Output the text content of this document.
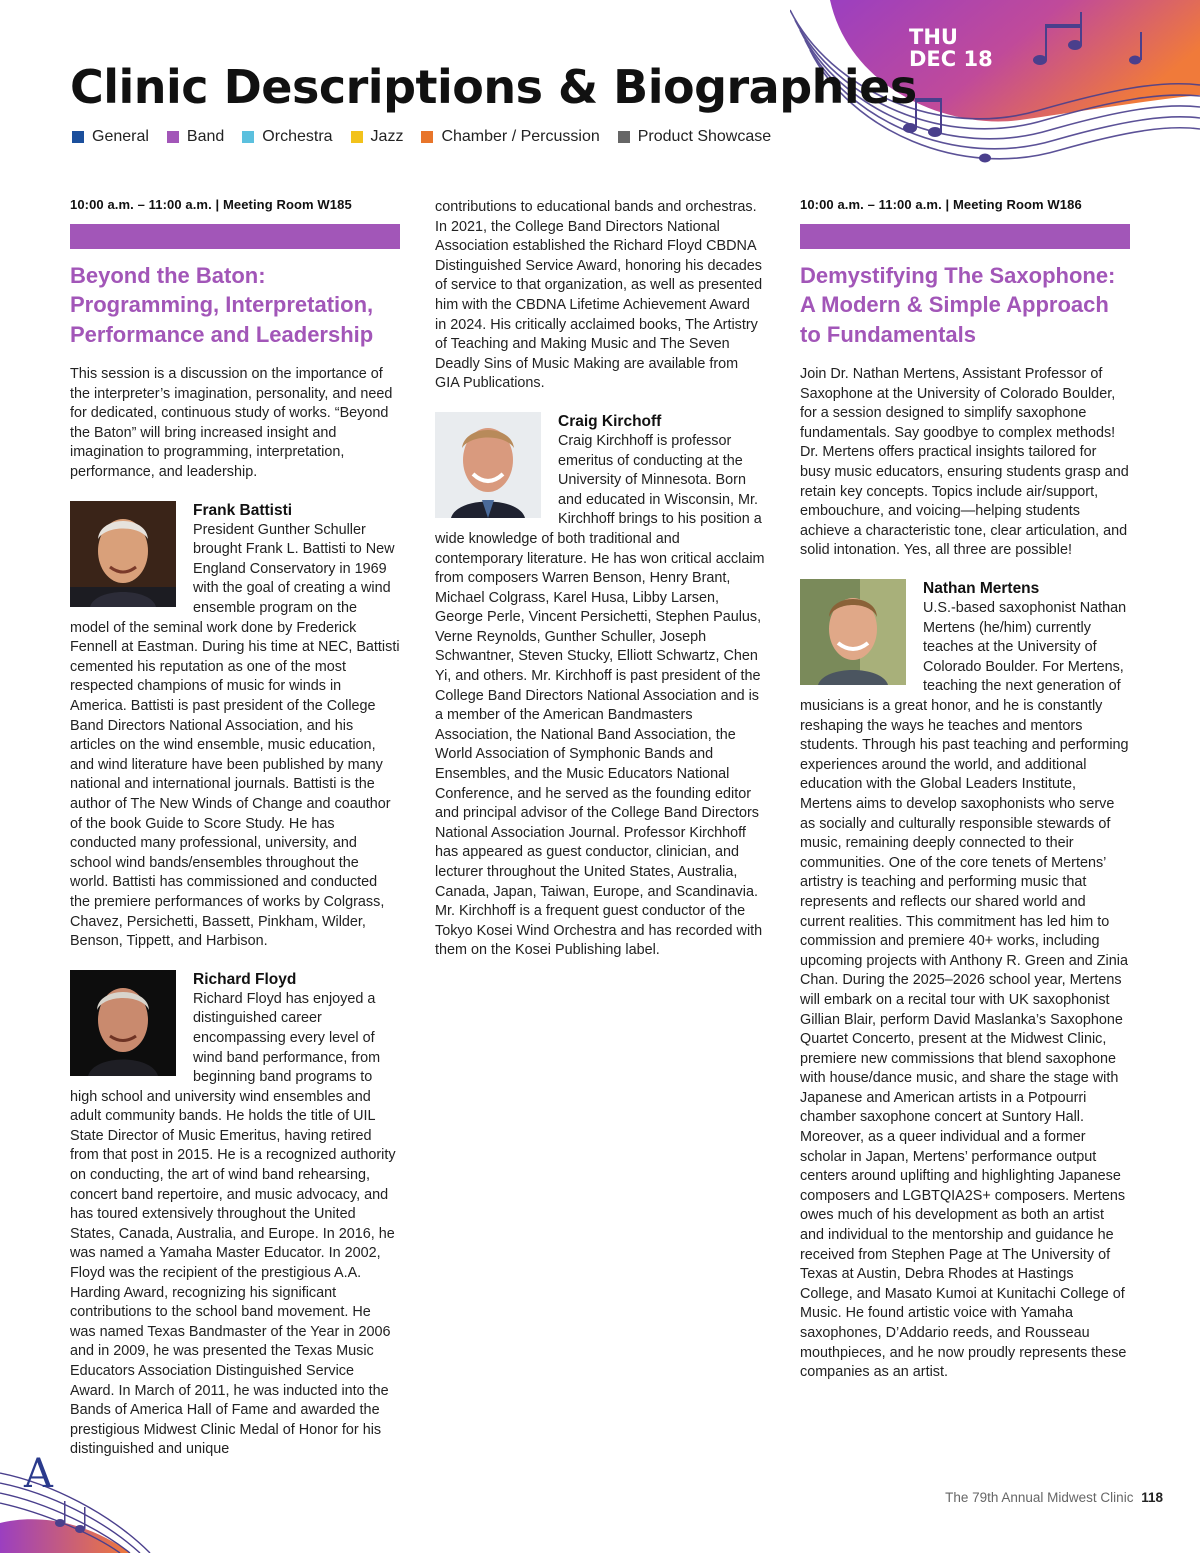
THU
DEC 18
Clinic Descriptions & Biographies
General Band Orchestra Jazz Chamber / Percussion Product Showcase
10:00 a.m. – 11:00 a.m. | Meeting Room W185
Beyond the Baton: Programming, Interpretation, Performance and Leadership

This session is a discussion on the importance of the interpreter’s imagination, personality, and need for dedicated, continuous study of works. “Beyond the Baton” will bring increased insight and imagination to programming, interpretation, performance, and leadership.

Frank Battisti

President Gunther Schuller brought Frank L. Battisti to New England Conservatory in 1969 with the goal of creating a wind ensemble program on the model of the seminal work done by Frederick Fennell at Eastman. During his time at NEC, Battisti cemented his reputation as one of the most respected champions of music for winds in America. Battisti is past president of the College Band Directors National Association, and his articles on the wind ensemble, music education, and wind literature have been published by many national and international journals. Battisti is the author of The New Winds of Change and coauthor of the book Guide to Score Study. He has conducted many professional, university, and school wind bands/ensembles throughout the world. Battisti has commissioned and conducted the premiere performances of works by Colgrass, Chavez, Persichetti, Bassett, Pinkham, Wilder, Benson, Tippett, and Harbison.

Richard Floyd

Richard Floyd has enjoyed a distinguished career encompassing every level of wind band performance, from beginning band programs to high school and university wind ensembles and adult community bands. He holds the title of UIL State Director of Music Emeritus, having retired from that post in 2015. He is a recognized authority on conducting, the art of wind band rehearsing, concert band repertoire, and music advocacy, and has toured extensively throughout the United States, Canada, Australia, and Europe. In 2016, he was named a Yamaha Master Educator. In 2002, Floyd was the recipient of the prestigious A.A. Harding Award, recognizing his significant contributions to the school band movement. He was named Texas Bandmaster of the Year in 2006 and in 2009, he was presented the Texas Music Educators Association Distinguished Service Award. In March of 2011, he was inducted into the Bands of America Hall of Fame and awarded the prestigious Midwest Clinic Medal of Honor for his distinguished and unique

contributions to educational bands and orchestras. In 2021, the College Band Directors National Association established the Richard Floyd CBDNA Distinguished Service Award, honoring his decades of service to that organization, as well as presented him with the CBDNA Lifetime Achievement Award in 2024. His critically acclaimed books, The Artistry of Teaching and Making Music and The Seven Deadly Sins of Music Making are available from GIA Publications.

Craig Kirchoff

Craig Kirchhoff is professor emeritus of conducting at the University of Minnesota. Born and educated in Wisconsin, Mr. Kirchhoff brings to his position a wide knowledge of both traditional and contemporary literature. He has won critical acclaim from composers Warren Benson, Henry Brant, Michael Colgrass, Karel Husa, Libby Larsen, George Perle, Vincent Persichetti, Stephen Paulus, Verne Reynolds, Gunther Schuller, Joseph Schwantner, Steven Stucky, Elliott Schwartz, Chen Yi, and others. Mr. Kirchhoff is past president of the College Band Directors National Association and is a member of the American Bandmasters Association, the National Band Association, the World Association of Symphonic Bands and Ensembles, and the Music Educators National Conference, and he served as the founding editor and principal advisor of the College Band Directors National Association Journal. Professor Kirchhoff has appeared as guest conductor, clinician, and lecturer throughout the United States, Australia, Canada, Japan, Taiwan, Europe, and Scandinavia. Mr. Kirchhoff is a frequent guest conductor of the Tokyo Kosei Wind Orchestra and has recorded with them on the Kosei Publishing label.

10:00 a.m. – 11:00 a.m. | Meeting Room W186
Demystifying The Saxophone: A Modern & Simple Approach to Fundamentals

Join Dr. Nathan Mertens, Assistant Professor of Saxophone at the University of Colorado Boulder, for a session designed to simplify saxophone fundamentals. Say goodbye to complex methods! Dr. Mertens offers practical insights tailored for busy music educators, ensuring students grasp and retain key concepts. Topics include air/support, embouchure, and voicing—helping students achieve a characteristic tone, clear articulation, and solid intonation. Yes, all three are possible!

Nathan Mertens

U.S.-based saxophonist Nathan Mertens (he/him) currently teaches at the University of Colorado Boulder. For Mertens, teaching the next generation of musicians is a great honor, and he is constantly reshaping the ways he teaches and mentors students. Through his past teaching and performing experiences around the world, and additional education with the Global Leaders Institute, Mertens aims to develop saxophonists who serve as socially and culturally responsible stewards of music, remaining deeply connected to their communities. One of the core tenets of Mertens’ artistry is teaching and performing music that represents and reflects our shared world and current realities. This commitment has led him to commission and premiere 40+ works, including upcoming projects with Anthony R. Green and Zinia Chan. During the 2025–2026 school year, Mertens will embark on a recital tour with UK saxophonist Gillian Blair, perform David Maslanka’s Saxophone Quartet Concerto, present at the Midwest Clinic, premiere new commissions that blend saxophone with house/dance music, and share the stage with Japanese and American artists in a Potpourri chamber saxophone concert at Suntory Hall. Moreover, as a queer individual and a former scholar in Japan, Mertens’ performance output centers around uplifting and highlighting Japanese composers and LGBTQIA2S+ composers. Mertens owes much of his development as both an artist and individual to the mentorship and guidance he received from Stephen Page at The University of Texas at Austin, Debra Rhodes at Hastings College, and Masato Kumoi at Kunitachi College of Music. He found artistic voice with Yamaha saxophones, D’Addario reeds, and Rousseau mouthpieces, and he now proudly represents these companies as an artist.

A
The 79th Annual Midwest Clinic 118
